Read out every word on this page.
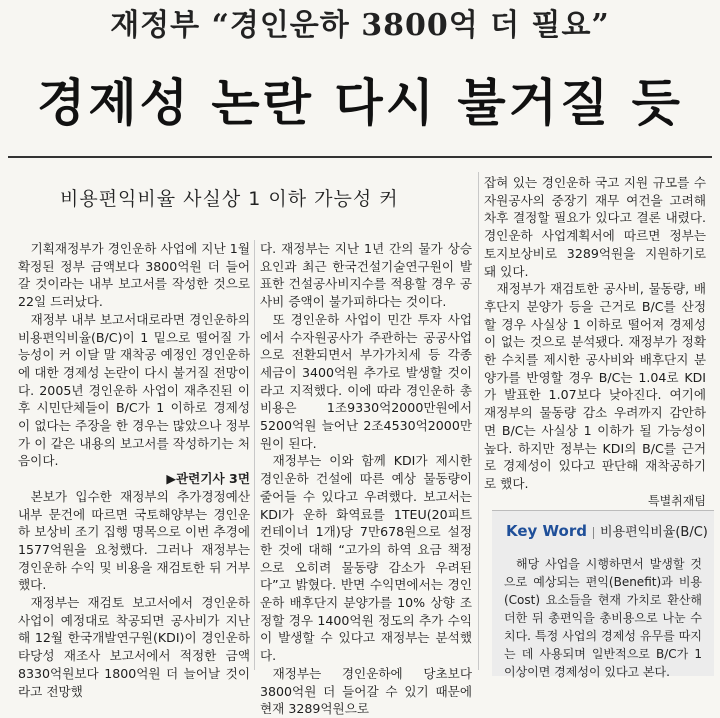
재정부 “경인운하 3800억 더 필요”
경제성 논란 다시 불거질 듯
비용편익비율 사실상 1 이하 가능성 커

기획재정부가 경인운하 사업에 지난 1월 확정된 정부 금액보다 3800억원 더 들어갈 것이라는 내부 보고서를 작성한 것으로 22일 드러났다.

재정부 내부 보고서대로라면 경인운하의 비용편익비율(B/C)이 1 밑으로 떨어질 가능성이 커 이달 말 재착공 예정인 경인운하에 대한 경제성 논란이 다시 불거질 전망이다. 2005년 경인운하 사업이 재추진된 이후 시민단체들이 B/C가 1 이하로 경제성이 없다는 주장을 한 경우는 많았으나 정부가 이 같은 내용의 보고서를 작성하기는 처음이다.

▶관련기사 3면

본보가 입수한 재정부의 추가경정예산 내부 문건에 따르면 국토해양부는 경인운하 보상비 조기 집행 명목으로 이번 추경에 1577억원을 요청했다. 그러나 재정부는 경인운하 수익 및 비용을 재검토한 뒤 거부했다.

재정부는 재검토 보고서에서 경인운하 사업이 예정대로 착공되면 공사비가 지난해 12월 한국개발연구원(KDI)이 경인운하 타당성 재조사 보고서에서 적정한 금액 8330억원보다 1800억원 더 늘어날 것이라고 전망했

다. 재정부는 지난 1년 간의 물가 상승 요인과 최근 한국건설기술연구원이 발표한 건설공사비지수를 적용할 경우 공사비 증액이 불가피하다는 것이다.

또 경인운하 사업이 민간 투자 사업에서 수자원공사가 주관하는 공공사업으로 전환되면서 부가가치세 등 각종 세금이 3400억원 추가로 발생할 것이라고 지적했다. 이에 따라 경인운하 총비용은 1조9330억2000만원에서 5200억원 늘어난 2조4530억2000만원이 된다.

재정부는 이와 함께 KDI가 제시한 경인운하 건설에 따른 예상 물동량이 줄어들 수 있다고 우려했다. 보고서는 KDI가 운하 화역료를 1TEU(20피트 컨테이너 1개)당 7만678원으로 설정한 것에 대해 “고가의 하역 요금 책정으로 오히려 물동량 감소가 우려된다”고 밝혔다. 반면 수익면에서는 경인운하 배후단지 분양가를 10% 상향 조정할 경우 1400억원 정도의 추가 수익이 발생할 수 있다고 재정부는 분석했다.

재정부는 경인운하에 당초보다 3800억원 더 들어갈 수 있기 때문에 현재 3289억원으로

잡혀 있는 경인운하 국고 지원 규모를 수자원공사의 중장기 재무 여건을 고려해 차후 결정할 필요가 있다고 결론 내렸다. 경인운하 사업계획서에 따르면 정부는 토지보상비로 3289억원을 지원하기로 돼 있다.

재정부가 재검토한 공사비, 물동량, 배후단지 분양가 등을 근거로 B/C를 산정할 경우 사실상 1 이하로 떨어져 경제성이 없는 것으로 분석됐다. 재정부가 정확한 수치를 제시한 공사비와 배후단지 분양가를 반영할 경우 B/C는 1.04로 KDI가 발표한 1.07보다 낮아진다. 여기에 재정부의 물동량 감소 우려까지 감안하면 B/C는 사실상 1 이하가 될 가능성이 높다. 하지만 정부는 KDI의 B/C를 근거로 경제성이 있다고 판단해 재착공하기로 했다.

특별취재팀

Key Word 비용편익비율(B/C)
해당 사업을 시행하면서 발생할 것으로 예상되는 편익(Benefit)과 비용(Cost) 요소들을 현재 가치로 환산해 더한 뒤 총편익을 총비용으로 나눈 수치다. 특정 사업의 경제성 유무를 따지는 데 사용되며 일반적으로 B/C가 1 이상이면 경제성이 있다고 본다.
